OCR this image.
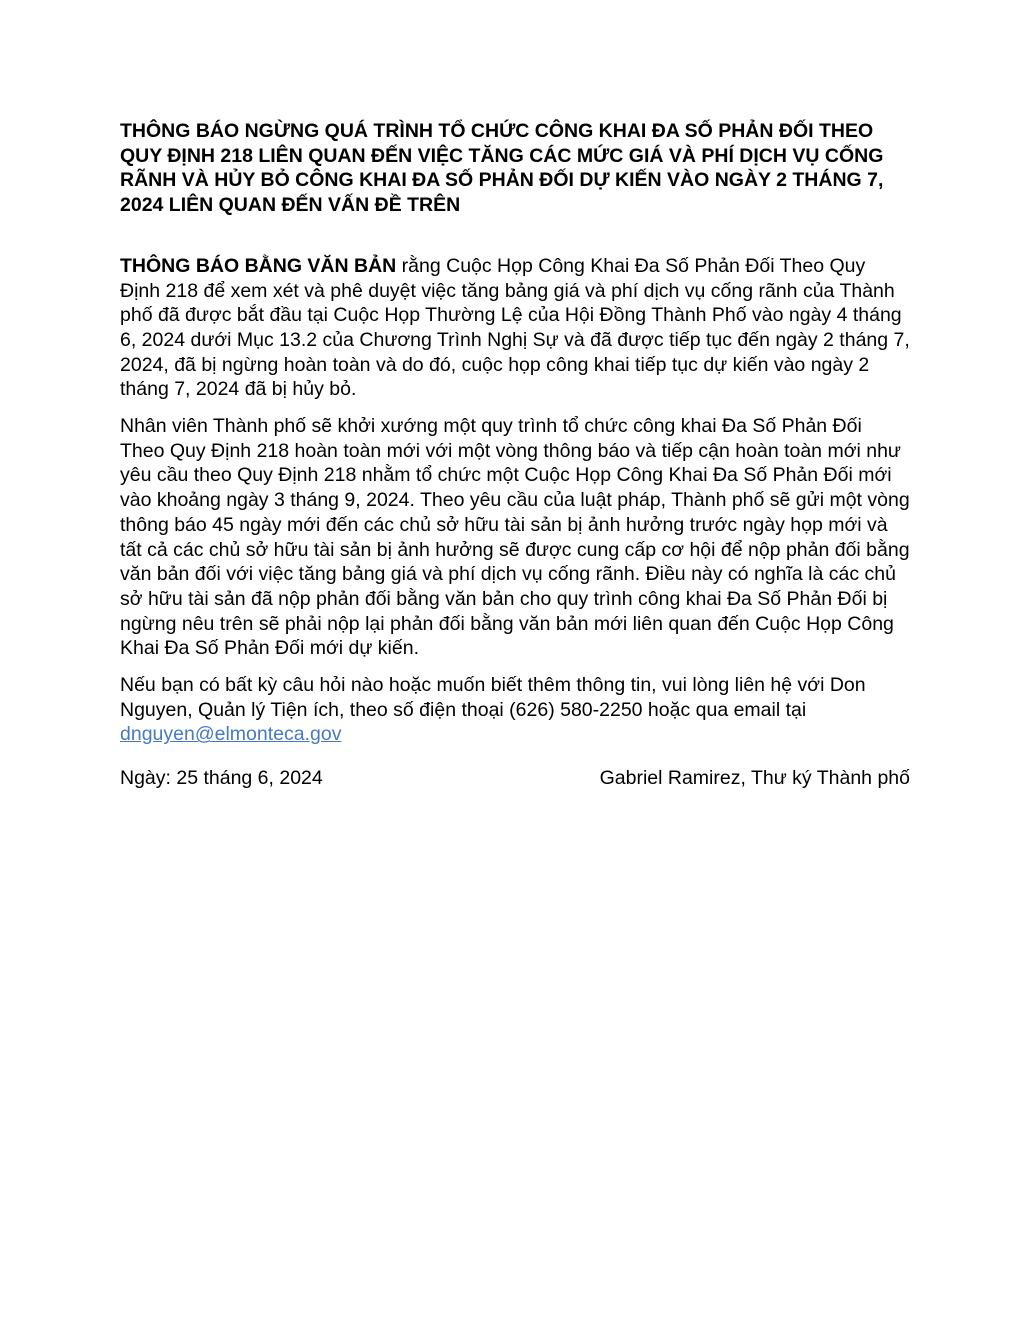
THÔNG BÁO NGỪNG QUÁ TRÌNH TỔ CHỨC CÔNG KHAI ĐA SỐ PHẢN ĐỐI THEO QUY ĐỊNH 218 LIÊN QUAN ĐẾN VIỆC TĂNG CÁC MỨC GIÁ VÀ PHÍ DỊCH VỤ CỐNG RÃNH VÀ HỦY BỎ CÔNG KHAI ĐA SỐ PHẢN ĐỐI DỰ KIẾN VÀO NGÀY 2 THÁNG 7, 2024 LIÊN QUAN ĐẾN VẤN ĐỀ TRÊN

THÔNG BÁO BẰNG VĂN BẢN rằng Cuộc Họp Công Khai Đa Số Phản Đối Theo Quy Định 218 để xem xét và phê duyệt việc tăng bảng giá và phí dịch vụ cống rãnh của Thành phố đã được bắt đầu tại Cuộc Họp Thường Lệ của Hội Đồng Thành Phố vào ngày 4 tháng 6, 2024 dưới Mục 13.2 của Chương Trình Nghị Sự và đã được tiếp tục đến ngày 2 tháng 7, 2024, đã bị ngừng hoàn toàn và do đó, cuộc họp công khai tiếp tục dự kiến vào ngày 2 tháng 7, 2024 đã bị hủy bỏ.

Nhân viên Thành phố sẽ khởi xướng một quy trình tổ chức công khai Đa Số Phản Đối Theo Quy Định 218 hoàn toàn mới với một vòng thông báo và tiếp cận hoàn toàn mới như yêu cầu theo Quy Định 218 nhằm tổ chức một Cuộc Họp Công Khai Đa Số Phản Đối mới vào khoảng ngày 3 tháng 9, 2024. Theo yêu cầu của luật pháp, Thành phố sẽ gửi một vòng thông báo 45 ngày mới đến các chủ sở hữu tài sản bị ảnh hưởng trước ngày họp mới và tất cả các chủ sở hữu tài sản bị ảnh hưởng sẽ được cung cấp cơ hội để nộp phản đối bằng văn bản đối với việc tăng bảng giá và phí dịch vụ cống rãnh. Điều này có nghĩa là các chủ sở hữu tài sản đã nộp phản đối bằng văn bản cho quy trình công khai Đa Số Phản Đối bị ngừng nêu trên sẽ phải nộp lại phản đối bằng văn bản mới liên quan đến Cuộc Họp Công Khai Đa Số Phản Đối mới dự kiến.

Nếu bạn có bất kỳ câu hỏi nào hoặc muốn biết thêm thông tin, vui lòng liên hệ với Don Nguyen, Quản lý Tiện ích, theo số điện thoại (626) 580-2250 hoặc qua email tại dnguyen@elmonteca.gov

Ngày: 25 tháng 6, 2024	Gabriel Ramirez, Thư ký Thành phố
